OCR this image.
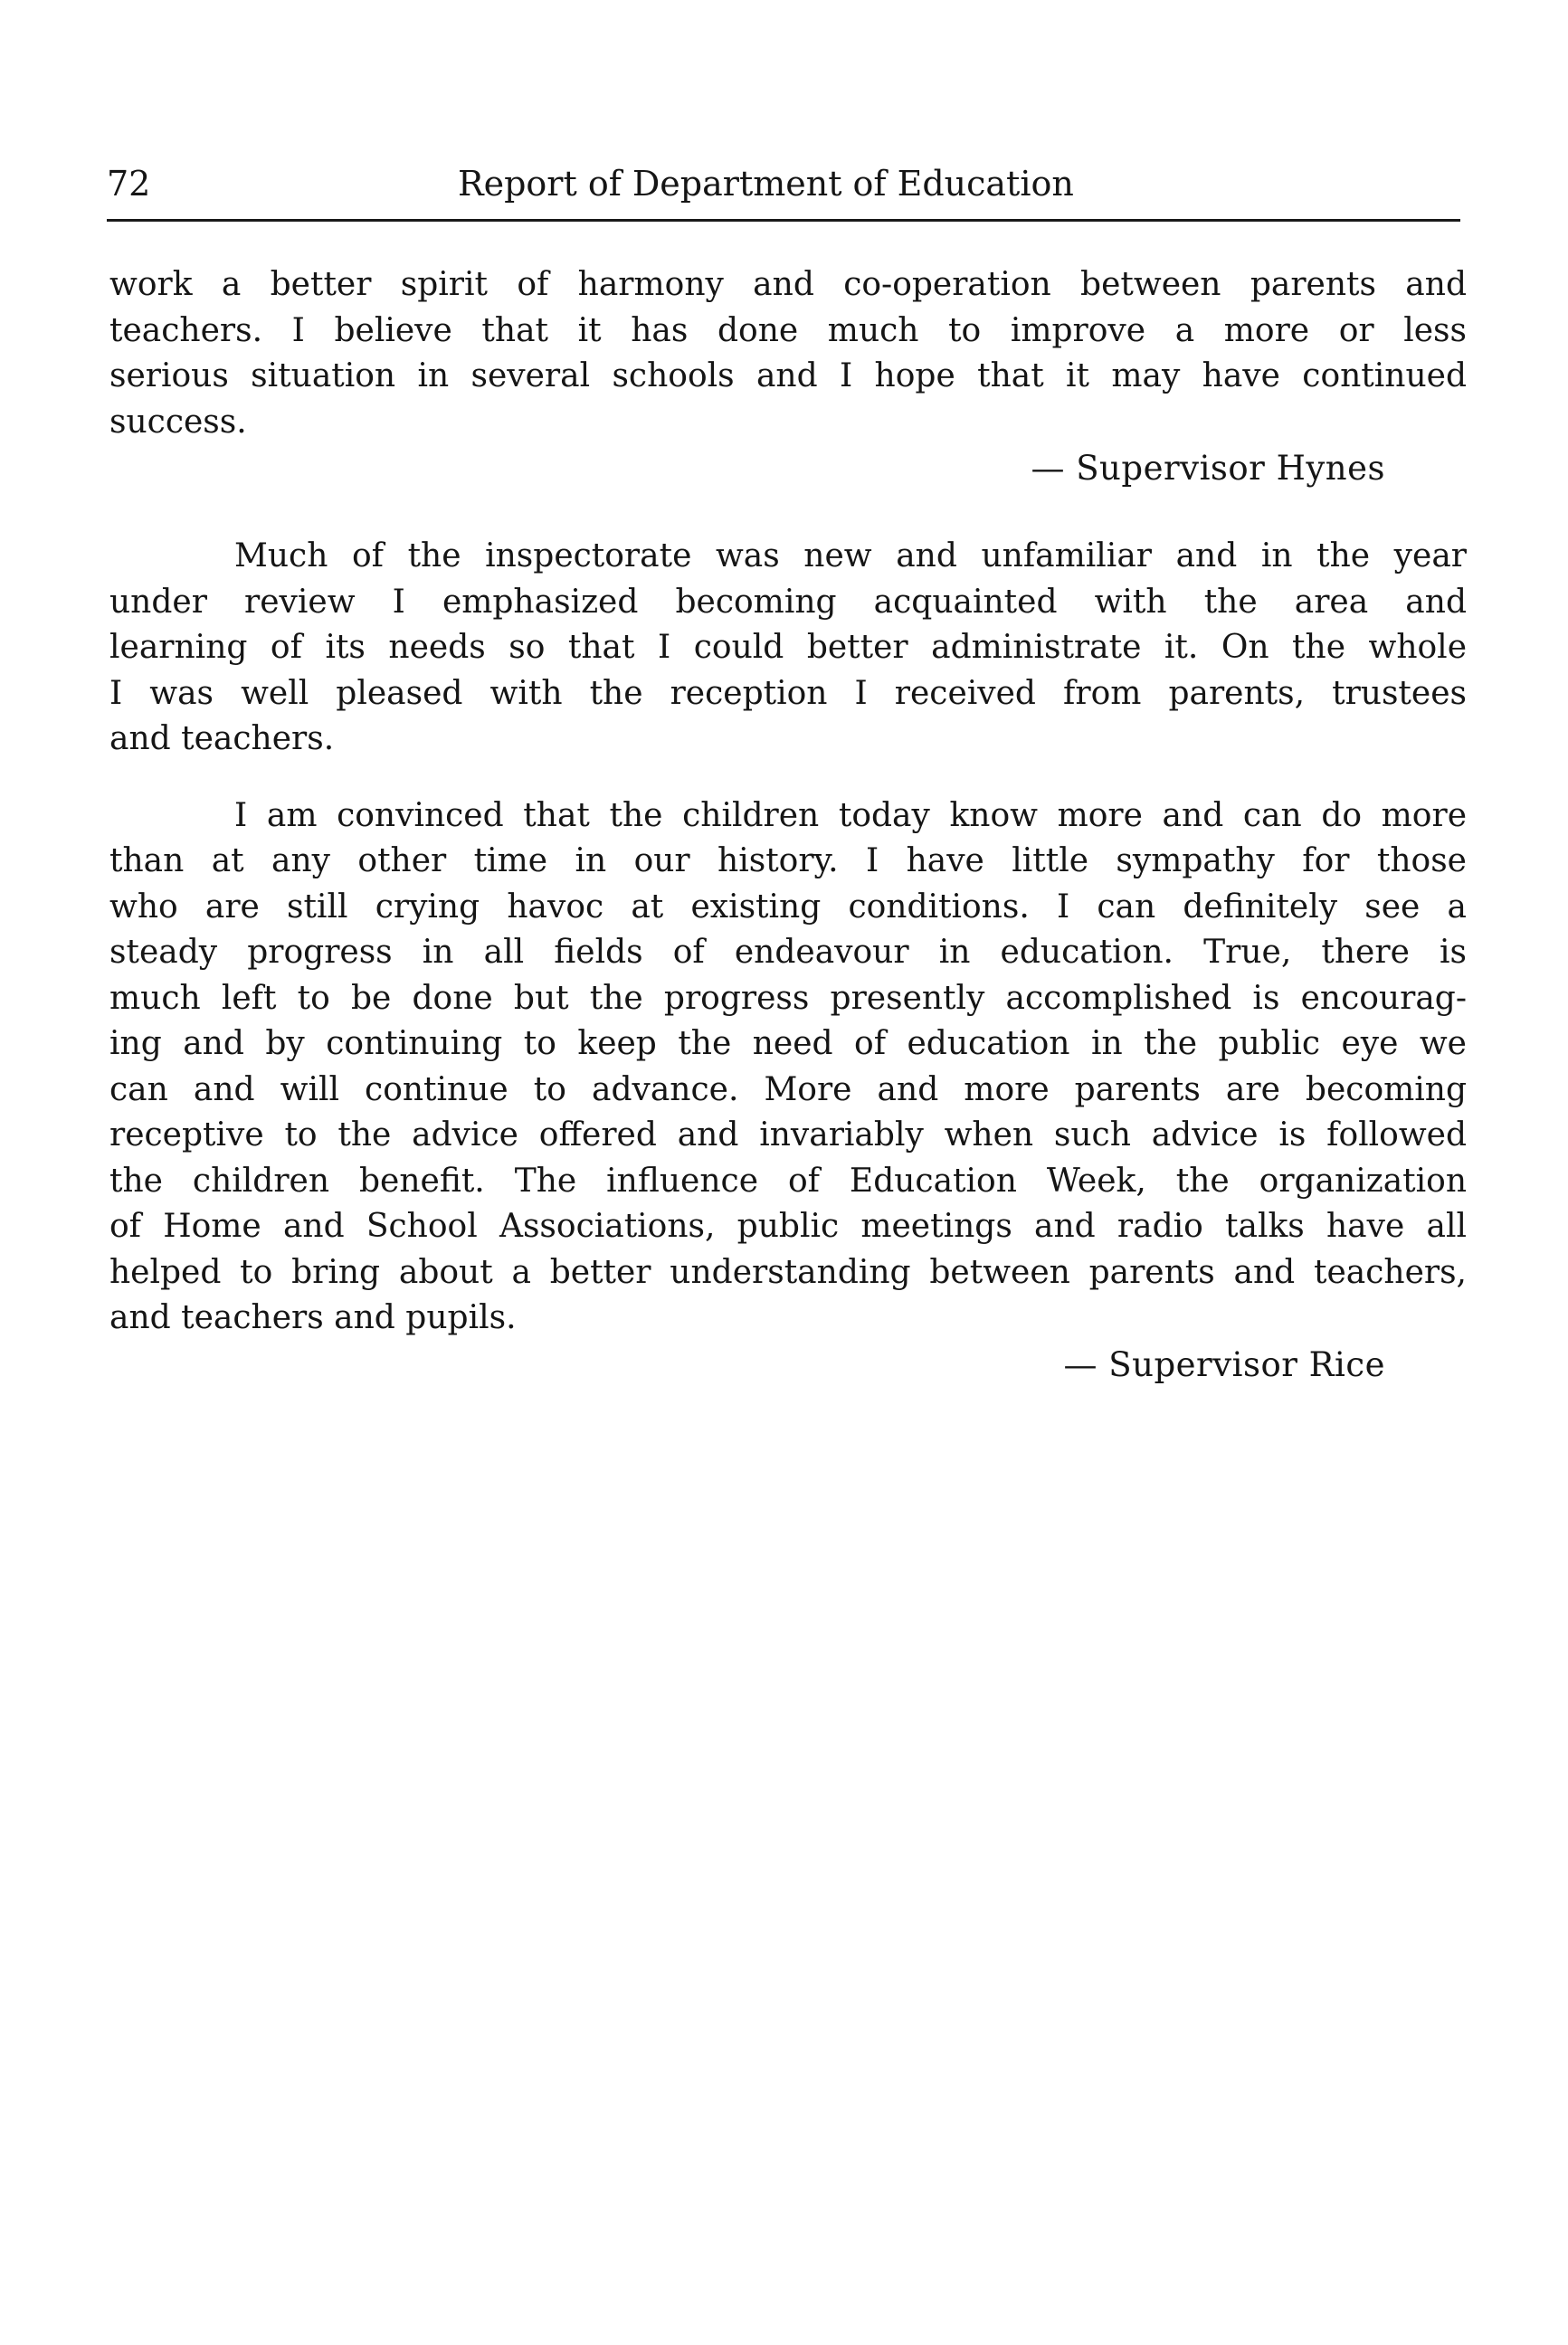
72	Report of Department of Education

work a better spirit of harmony and co-operation between parents and
teachers. I believe that it has done much to improve a more or less
serious situation in several schools and I hope that it may have continued
success.

— Supervisor Hynes

Much of the inspectorate was new and unfamiliar and in the year
under review I emphasized becoming acquainted with the area and
learning of its needs so that I could better administrate it. On the whole
I was well pleased with the reception I received from parents, trustees
and teachers.

I am convinced that the children today know more and can do more
than at any other time in our history. I have little sympathy for those
who are still crying havoc at existing conditions. I can definitely see a
steady progress in all fields of endeavour in education. True, there is
much left to be done but the progress presently accomplished is encourag-
ing and by continuing to keep the need of education in the public eye we
can and will continue to advance. More and more parents are becoming
receptive to the advice offered and invariably when such advice is followed
the children benefit. The influence of Education Week, the organization
of Home and School Associations, public meetings and radio talks have all
helped to bring about a better understanding between parents and teachers,
and teachers and pupils.

— Supervisor Rice
